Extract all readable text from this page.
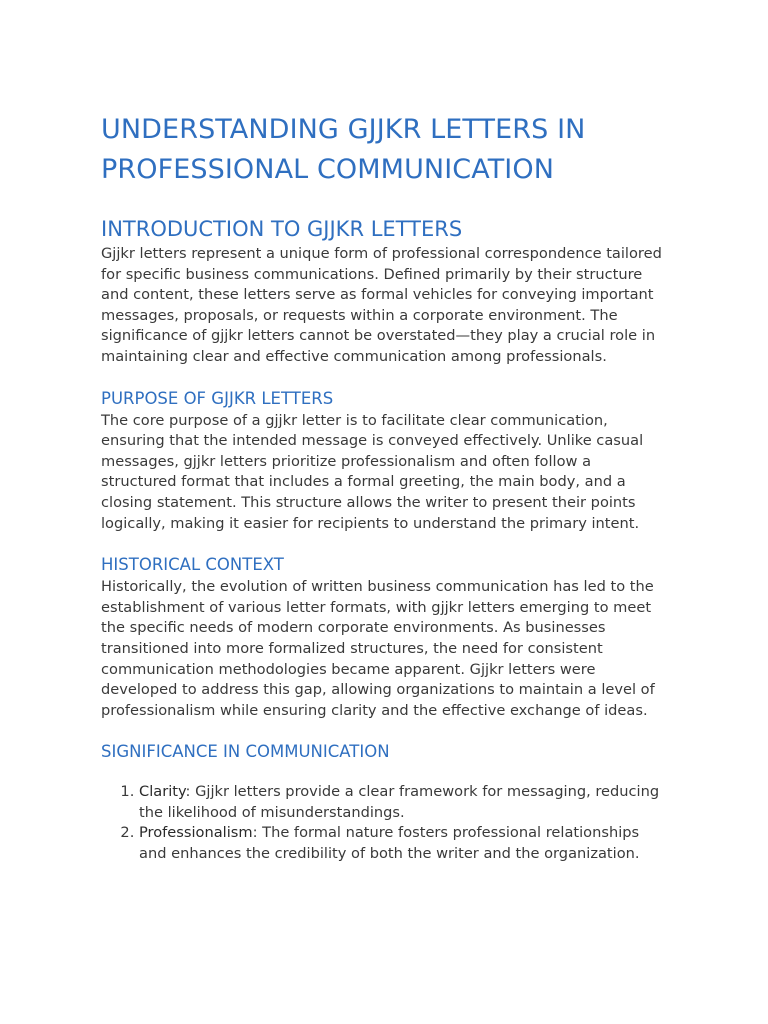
UNDERSTANDING GJJKR LETTERS IN PROFESSIONAL COMMUNICATION
INTRODUCTION TO GJJKR LETTERS

Gjjkr letters represent a unique form of professional correspondence tailored for specific business communications. Defined primarily by their structure and content, these letters serve as formal vehicles for conveying important messages, proposals, or requests within a corporate environment. The significance of gjjkr letters cannot be overstated—they play a crucial role in maintaining clear and effective communication among professionals.

PURPOSE OF GJJKR LETTERS

The core purpose of a gjjkr letter is to facilitate clear communication, ensuring that the intended message is conveyed effectively. Unlike casual messages, gjjkr letters prioritize professionalism and often follow a structured format that includes a formal greeting, the main body, and a closing statement. This structure allows the writer to present their points logically, making it easier for recipients to understand the primary intent.

HISTORICAL CONTEXT

Historically, the evolution of written business communication has led to the establishment of various letter formats, with gjjkr letters emerging to meet the specific needs of modern corporate environments. As businesses transitioned into more formalized structures, the need for consistent communication methodologies became apparent. Gjjkr letters were developed to address this gap, allowing organizations to maintain a level of professionalism while ensuring clarity and the effective exchange of ideas.

SIGNIFICANCE IN COMMUNICATION
1. Clarity: Gjjkr letters provide a clear framework for messaging, reducing the likelihood of misunderstandings.
2. Professionalism: The formal nature fosters professional relationships and enhances the credibility of both the writer and the organization.
